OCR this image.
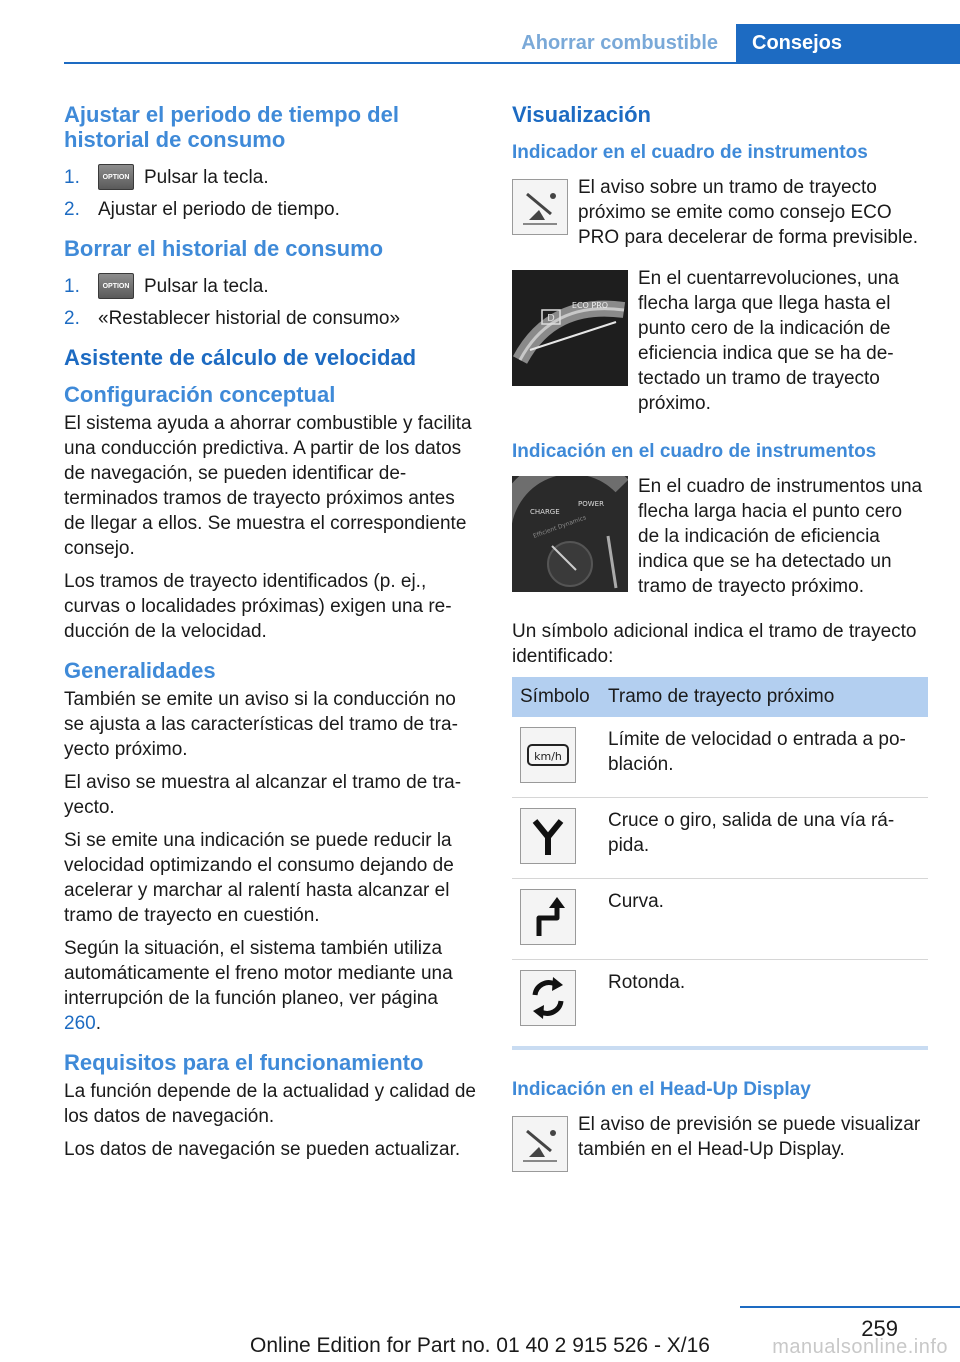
Ahorrar combustible	Consejos
Ajustar el periodo de tiempo del historial de consumo
1.	OPTION Pulsar la tecla.
2. Ajustar el periodo de tiempo.
Borrar el historial de consumo
1.	OPTION Pulsar la tecla.
2. «Restablecer historial de consumo»
Asistente de cálculo de velocidad
Configuración conceptual

El sistema ayuda a ahorrar combustible y facilita una conducción predictiva. A partir de los datos de navegación, se pueden identificar determinados tramos de trayecto próximos antes de llegar a ellos. Se muestra el correspondiente consejo.

Los tramos de trayecto identificados (p. ej., curvas o localidades próximas) exigen una reducción de la velocidad.

Generalidades

También se emite un aviso si la conducción no se ajusta a las características del tramo de trayecto próximo.

El aviso se muestra al alcanzar el tramo de trayecto.

Si se emite una indicación se puede reducir la velocidad optimizando el consumo dejando de acelerar y marchar al ralentí hasta alcanzar el tramo de trayecto en cuestión.

Según la situación, el sistema también utiliza automáticamente el freno motor mediante una interrupción de la función planeo, ver página 260.

Requisitos para el funcionamiento

La función depende de la actualidad y calidad de los datos de navegación.

Los datos de navegación se pueden actualizar.

Visualización
Indicador en el cuadro de instrumentos

El aviso sobre un tramo de trayecto próximo se emite como consejo ECO PRO para decelerar de forma previsible.

D
ECO PRO

En el cuentarrevoluciones, una flecha larga que llega hasta el punto cero de la indicación de eficiencia indica que se ha detectado un tramo de trayecto próximo.

Indicación en el cuadro de instrumentos
CHARGE
POWER
Efficient Dynamics

En el cuadro de instrumentos una flecha larga hacia el punto cero de la indicación de eficiencia indica que se ha detectado un tramo de trayecto próximo.

Un símbolo adicional indica el tramo de trayecto identificado:

Símbolo	Tramo de trayecto próximo

km/h	Límite de velocidad o entrada a población.

	Cruce o giro, salida de una vía rápida.

	Curva.

	Rotonda.
Indicación en el Head-Up Display

El aviso de previsión se puede visualizar también en el Head-Up Display.

259
Online Edition for Part no. 01 40 2 915 526 - X/16	manualsonline.info
